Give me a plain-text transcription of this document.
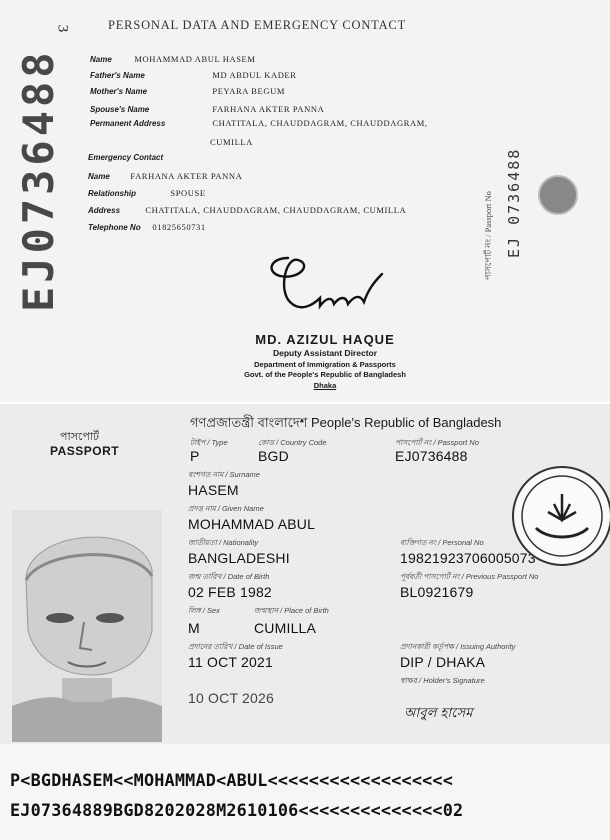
3	PERSONAL DATA AND EMERGENCY CONTACT
EJ0736488	Name	MOHAMMAD ABUL HASEM
Father's Name	MD ABDUL KADER
Mother's Name	PEYARA BEGUM
Spouse's Name	FARHANA AKTER PANNA
Permanent Address	CHATITALA, CHAUDDAGRAM, CHAUDDAGRAM,
CUMILLA
Emergency Contact
Name FARHANA AKTER PANNA
Relationship	SPOUSE
Address	CHATITALA, CHAUDDAGRAM, CHAUDDAGRAM, CUMILLA
Telephone No 01825650731	পাসপোর্ট নং / Passport No EJ 0736488
MD. AZIZUL HAQUE
Deputy Assistant Director
Department of Immigration & Passports
Govt. of the People's Republic of Bangladesh
Dhaka
গণপ্রজাতন্ত্রী বাংলাদেশ People's Republic of Bangladesh
পাসপোর্ট
PASSPORT
টাইপ / Type	কোড / Country Code	পাসপোর্ট নং / Passport No
P	BGD	EJ0736488
বংশগত নাম / Surname
HASEM
প্রদত্ত নাম / Given Name
MOHAMMAD ABUL
জাতীয়তা / Nationality	ব্যক্তিগত নং / Personal No
BANGLADESHI	19821923706005073
জন্ম তারিখ / Date of Birth	পূর্ববর্তী পাসপোর্ট নং / Previous Passport No
02 FEB 1982	BL0921679
লিঙ্গ / Sex	জন্মস্থান / Place of Birth
M	CUMILLA
প্রদানের তারিখ / Date of Issue	প্রদানকারী কর্তৃপক্ষ / Issuing Authority
11 OCT 2021	DIP / DHAKA
স্বাক্ষর / Holder's Signature
10 OCT 2026
আবুল হাসেম
P<BGDHASEM<<MOHAMMAD<ABUL<<<<<<<<<<<<<<<<<<
EJ07364889BGD8202028M2610106<<<<<<<<<<<<<<02
